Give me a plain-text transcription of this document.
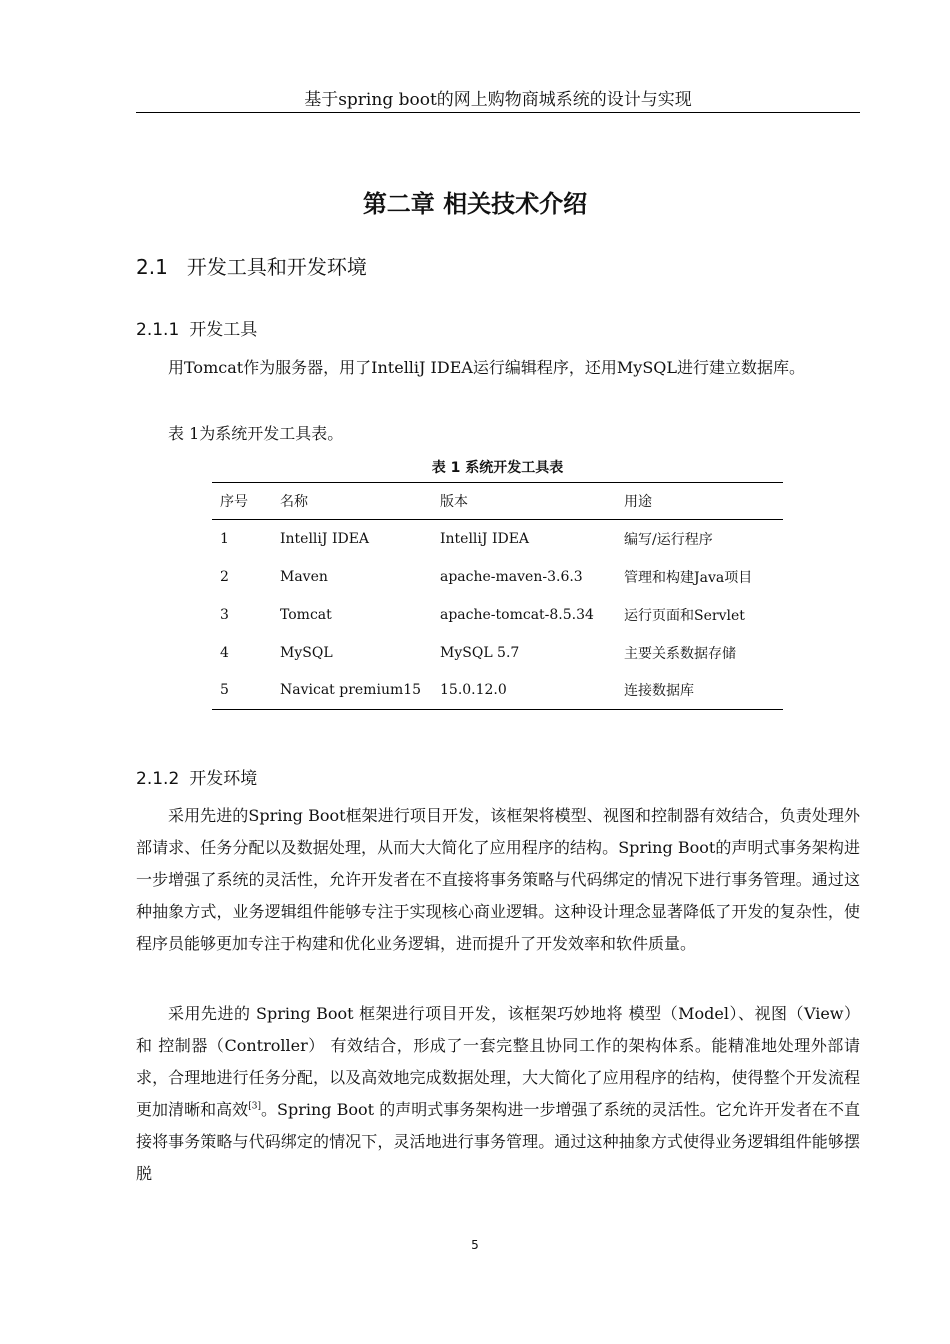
基于spring boot的网上购物商城系统的设计与实现
第二章 相关技术介绍
2.1 开发工具和开发环境
2.1.1 开发工具

用Tomcat作为服务器，用了IntelliJ IDEA运行编辑程序，还用MySQL进行建立数据库。

表 1为系统开发工具表。

表 1 系统开发工具表
序号	名称	版本	用途
1	IntelliJ IDEA	IntelliJ IDEA	编写/运行程序
2	Maven	apache-maven-3.6.3	管理和构建Java项目
3	Tomcat	apache-tomcat-8.5.34	运行页面和Servlet
4	MySQL	MySQL 5.7	主要关系数据存储
5	Navicat premium15	15.0.12.0	连接数据库
2.1.2 开发环境

采用先进的Spring Boot框架进行项目开发，该框架将模型、视图和控制器有效结合，负责处理外部请求、任务分配以及数据处理，从而大大简化了应用程序的结构。Spring Boot的声明式事务架构进一步增强了系统的灵活性，允许开发者在不直接将事务策略与代码绑定的情况下进行事务管理。通过这种抽象方式，业务逻辑组件能够专注于实现核心商业逻辑。这种设计理念显著降低了开发的复杂性，使程序员能够更加专注于构建和优化业务逻辑，进而提升了开发效率和软件质量。

采用先进的 Spring Boot 框架进行项目开发，该框架巧妙地将 模型（Model）、视图（View） 和 控制器（Controller） 有效结合，形成了一套完整且协同工作的架构体系。能精准地处理外部请求，合理地进行任务分配，以及高效地完成数据处理，大大简化了应用程序的结构，使得整个开发流程更加清晰和高效[3]。Spring Boot 的声明式事务架构进一步增强了系统的灵活性。它允许开发者在不直接将事务策略与代码绑定的情况下，灵活地进行事务管理。通过这种抽象方式使得业务逻辑组件能够摆脱

5
